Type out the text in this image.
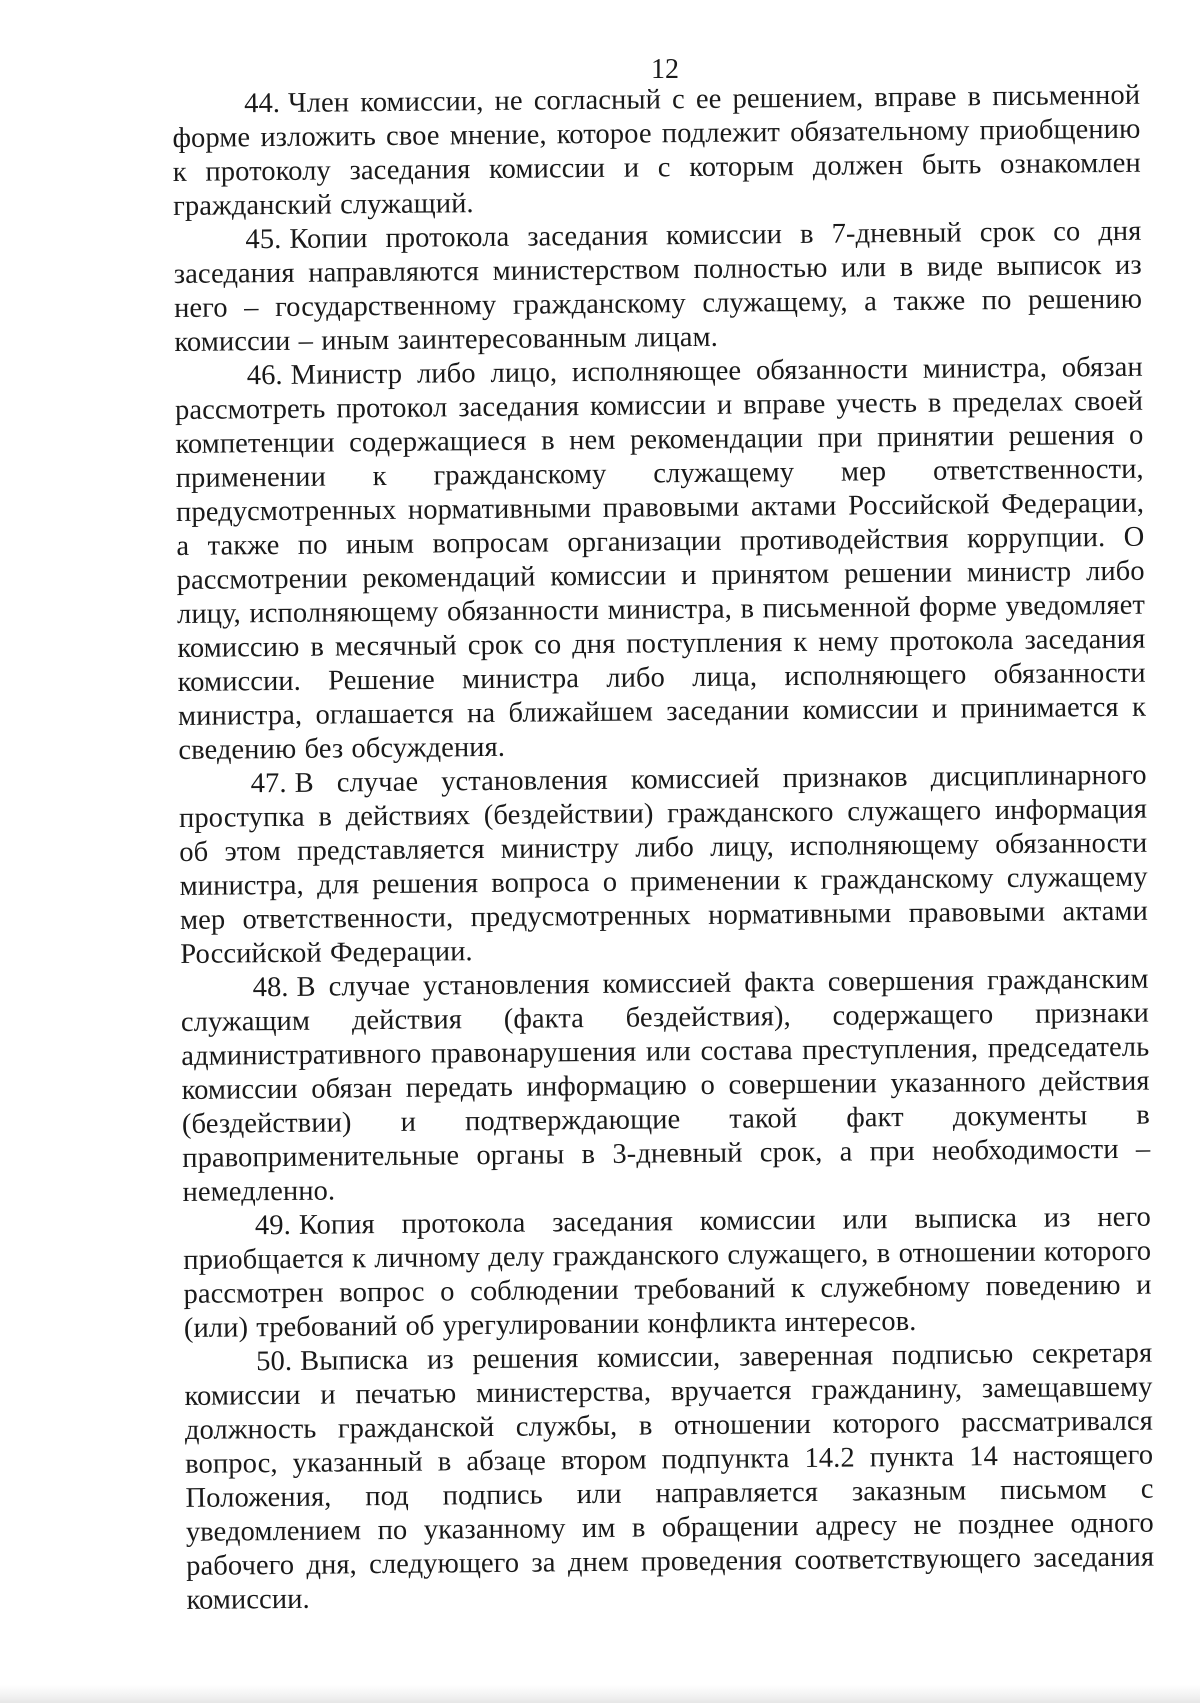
12

44. Член комиссии, не согласный с ее решением, вправе в письменной форме изложить свое мнение, которое подлежит обязательному приобщению к протоколу заседания комиссии и с которым должен быть ознакомлен гражданский служащий.

45. Копии протокола заседания комиссии в 7-дневный срок со дня заседания направляются министерством полностью или в виде выписок из него – государственному гражданскому служащему, а также по решению комиссии – иным заинтересованным лицам.

46. Министр либо лицо, исполняющее обязанности министра, обязан рассмотреть протокол заседания комиссии и вправе учесть в пределах своей компетенции содержащиеся в нем рекомендации при принятии решения о применении к гражданскому служащему мер ответственности, предусмотренных нормативными правовыми актами Российской Федерации, а также по иным вопросам организации противодействия коррупции. О рассмотрении рекомендаций комиссии и принятом решении министр либо лицу, исполняющему обязанности министра, в письменной форме уведомляет комиссию в месячный срок со дня поступления к нему протокола заседания комиссии. Решение министра либо лица, исполняющего обязанности министра, оглашается на ближайшем заседании комиссии и принимается к сведению без обсуждения.

47. В случае установления комиссией признаков дисциплинарного проступка в действиях (бездействии) гражданского служащего информация об этом представляется министру либо лицу, исполняющему обязанности министра, для решения вопроса о применении к гражданскому служащему мер ответственности, предусмотренных нормативными правовыми актами Российской Федерации.

48. В случае установления комиссией факта совершения гражданским служащим действия (факта бездействия), содержащего признаки административного правонарушения или состава преступления, председатель комиссии обязан передать информацию о совершении указанного действия (бездействии) и подтверждающие такой факт документы в правоприменительные органы в 3-дневный срок, а при необходимости – немедленно.

49. Копия протокола заседания комиссии или выписка из него приобщается к личному делу гражданского служащего, в отношении которого рассмотрен вопрос о соблюдении требований к служебному поведению и (или) требований об урегулировании конфликта интересов.

50. Выписка из решения комиссии, заверенная подписью секретаря комиссии и печатью министерства, вручается гражданину, замещавшему должность гражданской службы, в отношении которого рассматривался вопрос, указанный в абзаце втором подпункта 14.2 пункта 14 настоящего Положения, под подпись или направляется заказным письмом с уведомлением по указанному им в обращении адресу не позднее одного рабочего дня, следующего за днем проведения соответствующего заседания комиссии.
